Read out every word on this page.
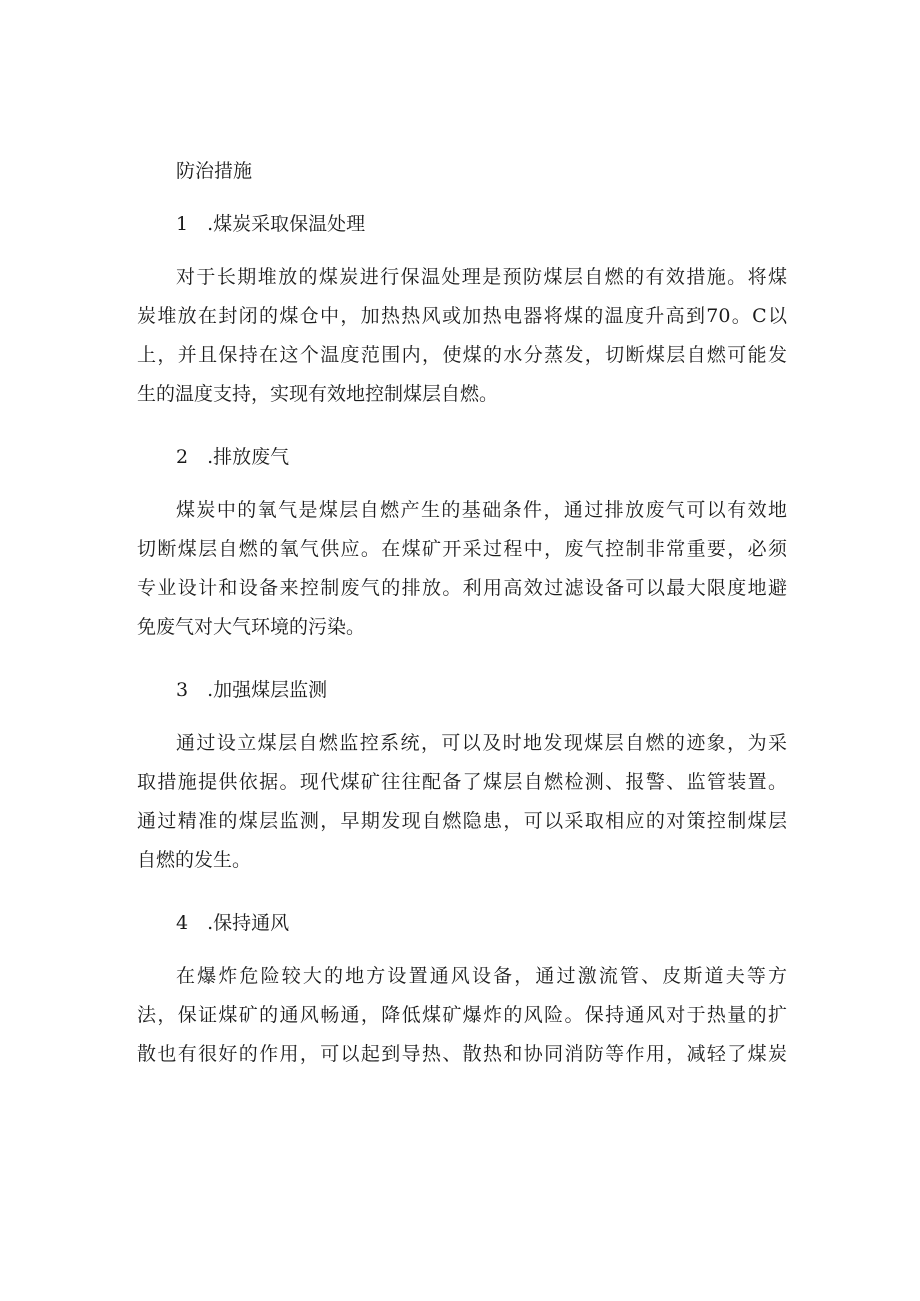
防治措施
1　.煤炭采取保温处理
对于长期堆放的煤炭进行保温处理是预防煤层自燃的有效措施。将煤
炭堆放在封闭的煤仓中，加热热风或加热电器将煤的温度升高到70。C以
上，并且保持在这个温度范围内，使煤的水分蒸发，切断煤层自燃可能发
生的温度支持，实现有效地控制煤层自燃。
2　.排放废气
煤炭中的氧气是煤层自燃产生的基础条件，通过排放废气可以有效地
切断煤层自燃的氧气供应。在煤矿开采过程中，废气控制非常重要，必须
专业设计和设备来控制废气的排放。利用高效过滤设备可以最大限度地避
免废气对大气环境的污染。
3　.加强煤层监测
通过设立煤层自燃监控系统，可以及时地发现煤层自燃的迹象，为采
取措施提供依据。现代煤矿往往配备了煤层自燃检测、报警、监管装置。
通过精准的煤层监测，早期发现自燃隐患，可以采取相应的对策控制煤层
自燃的发生。
4　.保持通风
在爆炸危险较大的地方设置通风设备，通过激流管、皮斯道夫等方
法，保证煤矿的通风畅通，降低煤矿爆炸的风险。保持通风对于热量的扩
散也有很好的作用，可以起到导热、散热和协同消防等作用，减轻了煤炭
